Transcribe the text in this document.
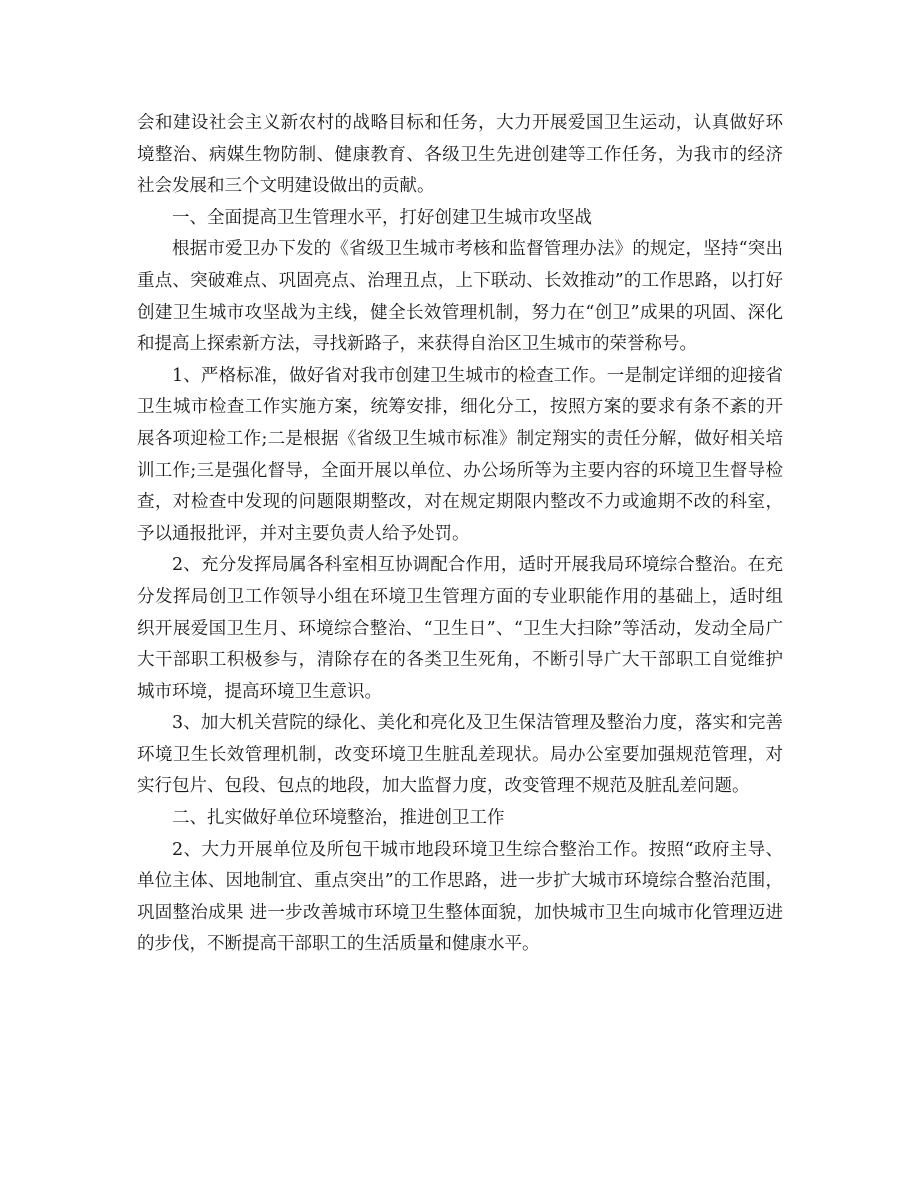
会和建设社会主义新农村的战略目标和任务，大力开展爱国卫生运动，认真做好环境整治、病媒生物防制、健康教育、各级卫生先进创建等工作任务，为我市的经济社会发展和三个文明建设做出的贡献。

一、全面提高卫生管理水平，打好创建卫生城市攻坚战

根据市爱卫办下发的《省级卫生城市考核和监督管理办法》的规定，坚持“突出重点、突破难点、巩固亮点、治理丑点，上下联动、长效推动”的工作思路，以打好创建卫生城市攻坚战为主线，健全长效管理机制，努力在“创卫”成果的巩固、深化和提高上探索新方法，寻找新路子，来获得自治区卫生城市的荣誉称号。

1、严格标准，做好省对我市创建卫生城市的检查工作。一是制定详细的迎接省卫生城市检查工作实施方案，统筹安排，细化分工，按照方案的要求有条不紊的开展各项迎检工作;二是根据《省级卫生城市标准》制定翔实的责任分解，做好相关培训工作;三是强化督导，全面开展以单位、办公场所等为主要内容的环境卫生督导检查，对检查中发现的问题限期整改，对在规定期限内整改不力或逾期不改的科室，予以通报批评，并对主要负责人给予处罚。

2、充分发挥局属各科室相互协调配合作用，适时开展我局环境综合整治。在充分发挥局创卫工作领导小组在环境卫生管理方面的专业职能作用的基础上，适时组织开展爱国卫生月、环境综合整治、“卫生日”、“卫生大扫除”等活动，发动全局广大干部职工积极参与，清除存在的各类卫生死角，不断引导广大干部职工自觉维护城市环境，提高环境卫生意识。

3、加大机关营院的绿化、美化和亮化及卫生保洁管理及整治力度，落实和完善环境卫生长效管理机制，改变环境卫生脏乱差现状。局办公室要加强规范管理，对实行包片、包段、包点的地段，加大监督力度，改变管理不规范及脏乱差问题。

二、扎实做好单位环境整治，推进创卫工作

2、大力开展单位及所包干城市地段环境卫生综合整治工作。按照“政府主导、单位主体、因地制宜、重点突出”的工作思路，进一步扩大城市环境综合整治范围，巩固整治成果 进一步改善城市环境卫生整体面貌，加快城市卫生向城市化管理迈进的步伐，不断提高干部职工的生活质量和健康水平。
